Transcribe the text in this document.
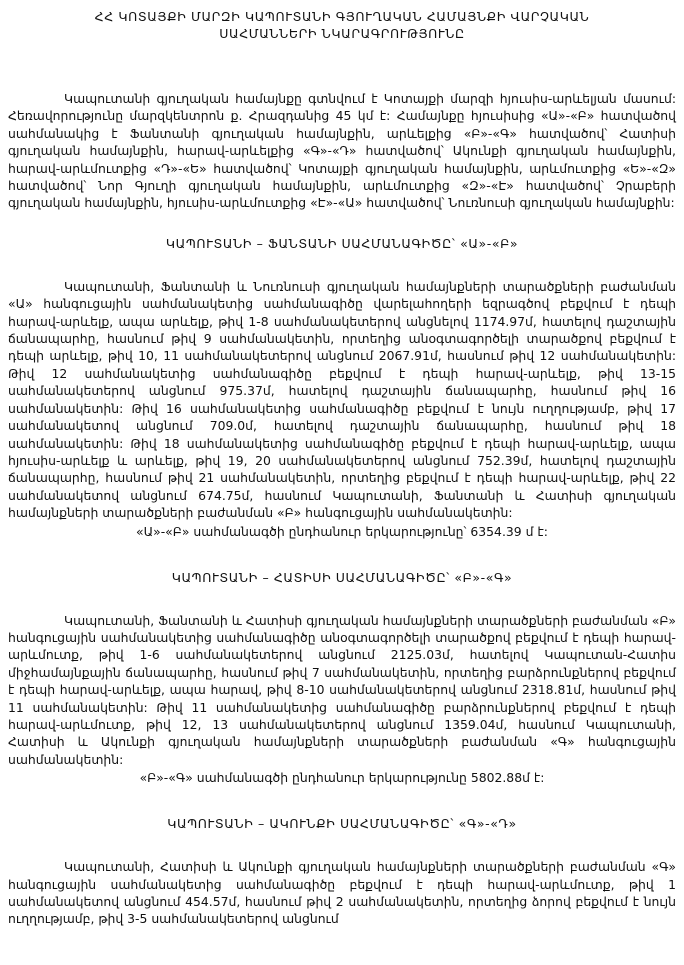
ՀՀ ԿՈՏԱՅՔԻ ՄԱՐԶԻ ԿԱՊՈՒՏԱՆԻ ԳՅՈՒՂԱԿԱՆ ՀԱՄԱՅՆՔԻ ՎԱՐՉԱԿԱՆ
ՍԱՀՄԱՆՆԵՐԻ ՆԿԱՐԱԳՐՈՒԹՅՈՒՆԸ

Կապուտանի գյուղական համայնքը գտնվում է Կոտայքի մարզի հյուսիս-արևելյան մասում: Հեռավորությունը մարզկենտրոն ք. Հրազդանից 45 կմ է: Համայնքը հյուսիսից «Ա»-«Բ» հատվածով սահմանակից է Ֆանտանի գյուղական համայնքին, արևելքից «Բ»-«Գ» հատվածով՝ Հատիսի գյուղական համայնքին, հարավ-արևելքից «Գ»-«Դ» հատվածով՝ Ակունքի գյուղական համայնքին, հարավ-արևմուտքից «Դ»-«Ե» հատվածով՝ Կոտայքի գյուղական համայնքին, արևմուտքից «Ե»-«Զ» հատվածով՝ Նոր Գյուղի գյուղական համայնքին, արևմուտքից «Զ»-«Է» հատվածով՝ Չրաբերի գյուղական համայնքին, հյուսիս-արևմուտքից «Է»-«Ա» հատվածով՝ Նուռնուսի գյուղական համայնքին:

ԿԱՊՈՒՏԱՆԻ – ՖԱՆՏԱՆԻ ՍԱՀՄԱՆԱԳԻԾԸ՝ «Ա»-«Բ»

Կապուտանի, Ֆանտանի և Նուռնուսի գյուղական համայնքների տարածքների բաժանման «Ա» հանգուցային սահմանակետից սահմանագիծը վարելահողերի եզրագծով բեքվում է դեպի հարավ-արևելք, ապա արևելք, թիվ 1-8 սահմանակետերով անցնելով 1174.97մ, հատելով դաշտային ճանապարհը, հասնում թիվ 9 սահմանակետին, որտեղից անօգտագործելի տարածքով բեքվում է դեպի արևելք, թիվ 10, 11 սահմանակետերով անցնում 2067.91մ, հասնում թիվ 12 սահմանակետին: Թիվ 12 սահմանակետից սահմանագիծը բեքվում է դեպի հարավ-արևելք, թիվ 13-15 սահմանակետերով անցնում 975.37մ, հատելով դաշտային ճանապարհը, հասնում թիվ 16 սահմանակետին: Թիվ 16 սահմանակետից սահմանագիծը բեքվում է նույն ուղղությամբ, թիվ 17 սահմանակետով անցնում 709.0մ, հատելով դաշտային ճանապարհը, հասնում թիվ 18 սահմանակետին: Թիվ 18 սահմանակետից սահմանագիծը բեքվում է դեպի հարավ-արևելք, ապա հյուսիս-արևելք և արևելք, թիվ 19, 20 սահմանակետերով անցնում 752.39մ, հատելով դաշտային ճանապարհը, հասնում թիվ 21 սահմանակետին, որտեղից բեքվում է դեպի հարավ-արևելք, թիվ 22 սահմանակետով անցնում 674.75մ, հասնում Կապուտանի, Ֆանտանի և Հատիսի գյուղական համայնքների տարածքների բաժանման «Բ» հանգուցային սահմանակետին:

«Ա»-«Բ» սահմանագծի ընդհանուր երկարությունը՝ 6354.39 մ է:

ԿԱՊՈՒՏԱՆԻ – ՀԱՏԻՍԻ ՍԱՀՄԱՆԱԳԻԾԸ՝ «Բ»-«Գ»

Կապուտանի, Ֆանտանի և Հատիսի գյուղական համայնքների տարածքների բաժանման «Բ» հանգուցային սահմանակետից սահմանագիծը անօգտագործելի տարածքով բեքվում է դեպի հարավ-արևմուտք, թիվ 1-6 սահմանակետերով անցնում 2125.03մ, հատելով Կապուտան-Հատիս միջհամայնքային ճանապարհը, հասնում թիվ 7 սահմանակետին, որտեղից բարձրունքներով բեքվում է դեպի հարավ-արևելք, ապա հարավ, թիվ 8-10 սահմանակետերով անցնում 2318.81մ, հասնում թիվ 11 սահմանակետին: Թիվ 11 սահմանակետից սահմանագիծը բարձրունքներով բեքվում է դեպի հարավ-արևմուտք, թիվ 12, 13 սահմանակետերով անցնում 1359.04մ, հասնում Կապուտանի, Հատիսի և Ակունքի գյուղական համայնքների տարածքների բաժանման «Գ» հանգուցային սահմանակետին:

«Բ»-«Գ» սահմանագծի ընդհանուր երկարությունը 5802.88մ է:

ԿԱՊՈՒՏԱՆԻ – ԱԿՈՒՆՔԻ ՍԱՀՄԱՆԱԳԻԾԸ՝ «Գ»-«Դ»

Կապուտանի, Հատիսի և Ակունքի գյուղական համայնքների տարածքների բաժանման «Գ» հանգուցային սահմանակետից սահմանագիծը բեքվում է դեպի հարավ-արևմուտք, թիվ 1 սահմանակետով անցնում 454.57մ, հասնում թիվ 2 սահմանակետին, որտեղից ձորով բեքվում է նույն ուղղությամբ, թիվ 3-5 սահմանակետերով անցնում
